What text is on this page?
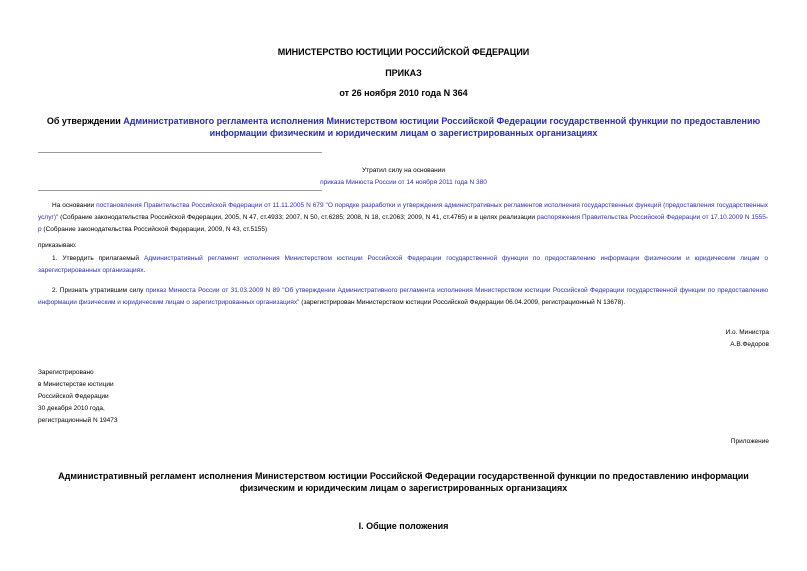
МИНИСТЕРСТВО ЮСТИЦИИ РОССИЙСКОЙ ФЕДЕРАЦИИ
ПРИКАЗ
от 26 ноября 2010 года N 364
Об утверждении Административного регламента исполнения Министерством юстиции Российской Федерации государственной функции по предоставлению информации физическим и юридическим лицам о зарегистрированных организациях
Утратил силу на основании
приказа Минюста России от 14 ноября 2011 года N 380
На основании постановления Правительства Российской Федерации от 11.11.2005 N 679 "О порядке разработки и утверждения административных регламентов исполнения государственных функций (предоставления государственных услуг)" (Собрание законодательства Российской Федерации, 2005, N 47, ст.4933; 2007, N 50, ст.6285; 2008, N 18, ст.2063; 2009, N 41, ст.4765) и в целях реализации распоряжения Правительства Российской Федерации от 17.10.2009 N 1555-р (Собрание законодательства Российской Федерации, 2009, N 43, ст.5155)
приказываю:
1. Утвердить прилагаемый Административный регламент исполнения Министерством юстиции Российской Федерации государственной функции по предоставлению информации физическим и юридическим лицам о зарегистрированных организациях.
2. Признать утратившим силу приказ Минюста России от 31.03.2009 N 89 "Об утверждении Административного регламента исполнения Министерством юстиции Российской Федерации государственной функции по предоставлению информации физическим и юридическим лицам о зарегистрированных организациях" (зарегистрирован Министерством юстиции Российской Федерации 06.04.2009, регистрационный N 13678).
И.о. Министра
А.В.Федоров
Зарегистрировано
в Министерстве юстиции
Российской Федерации
30 декабря 2010 года,
регистрационный N 19473
Приложение
Административный регламент исполнения Министерством юстиции Российской Федерации государственной функции по предоставлению информации физическим и юридическим лицам о зарегистрированных организациях
I. Общие положения
